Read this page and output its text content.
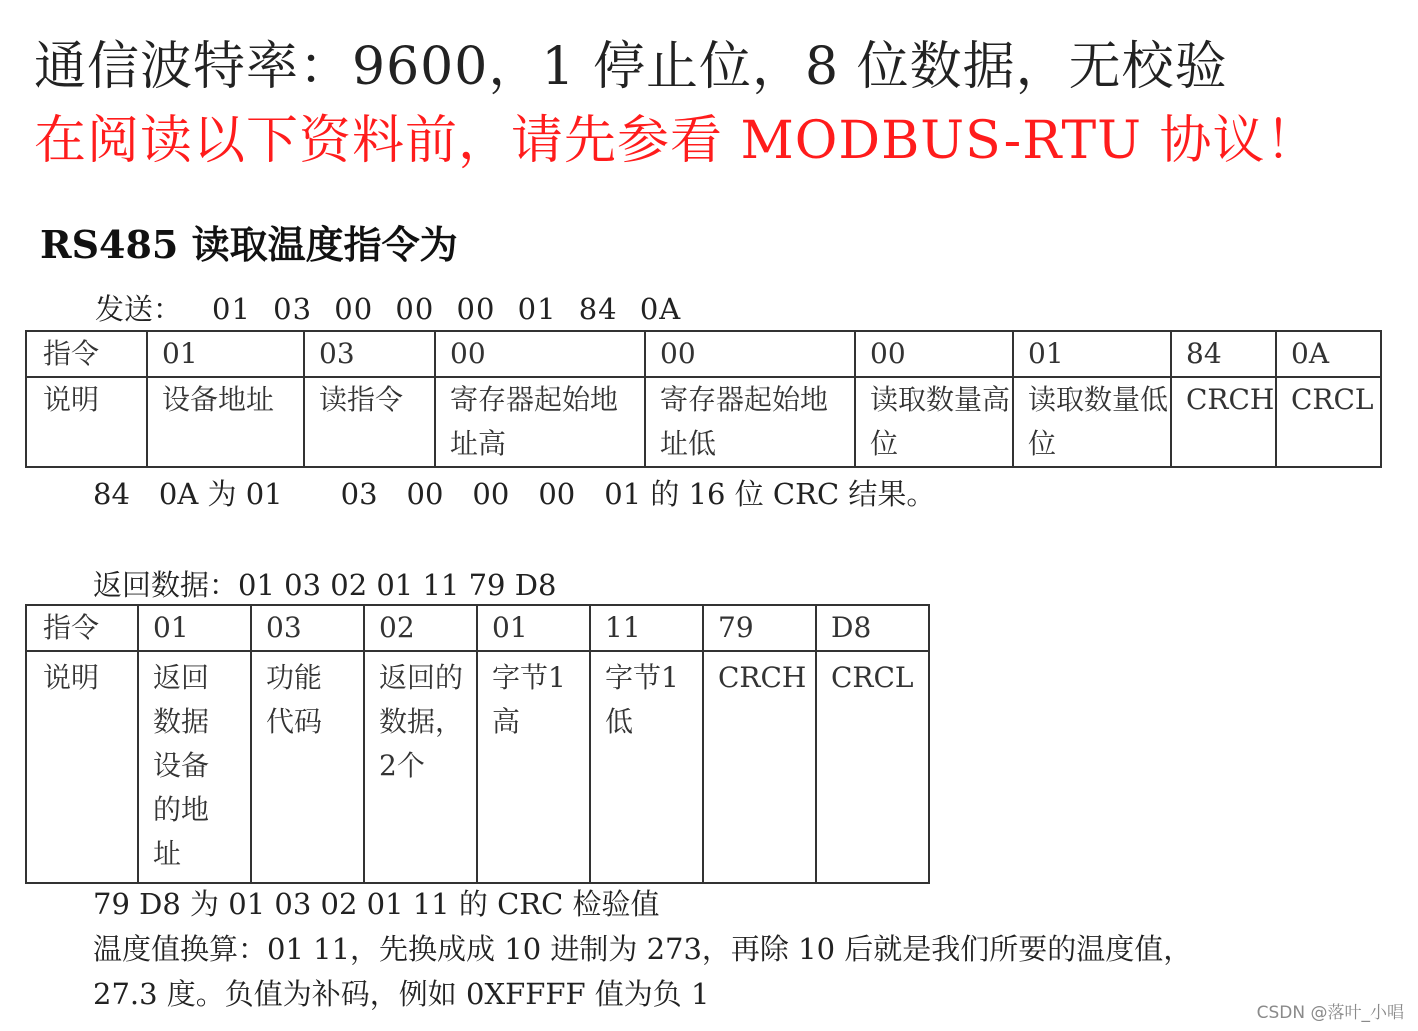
通信波特率：9600，1 停止位，8 位数据，无校验
在阅读以下资料前，请先参看 MODBUS-RTU 协议！
RS485 读取温度指令为
发送： 01 03 00 00 00 01 84 0A
指令	01	03	00	00	00	01	84	0A
说明	设备地址	读指令	寄存器起始地址高	寄存器起始地址低	读取数量高位	读取数量低位	CRCH	CRCL
84　0A 为 01　　03　00　00　00　01 的 16 位 CRC 结果。
返回数据：01 03 02 01 11 79 D8
指令	01	03	02	01	11	79	D8
说明	返回数据设备的地址	功能代码	返回的数据，2个	字节1高	字节1低	CRCH	CRCL
79 D8 为 01 03 02 01 11 的 CRC 检验值
温度值换算：01 11，先换成成 10 进制为 273，再除 10 后就是我们所要的温度值，
27.3 度。负值为补码，例如 0XFFFF 值为负 1
CSDN @落叶_小唱
